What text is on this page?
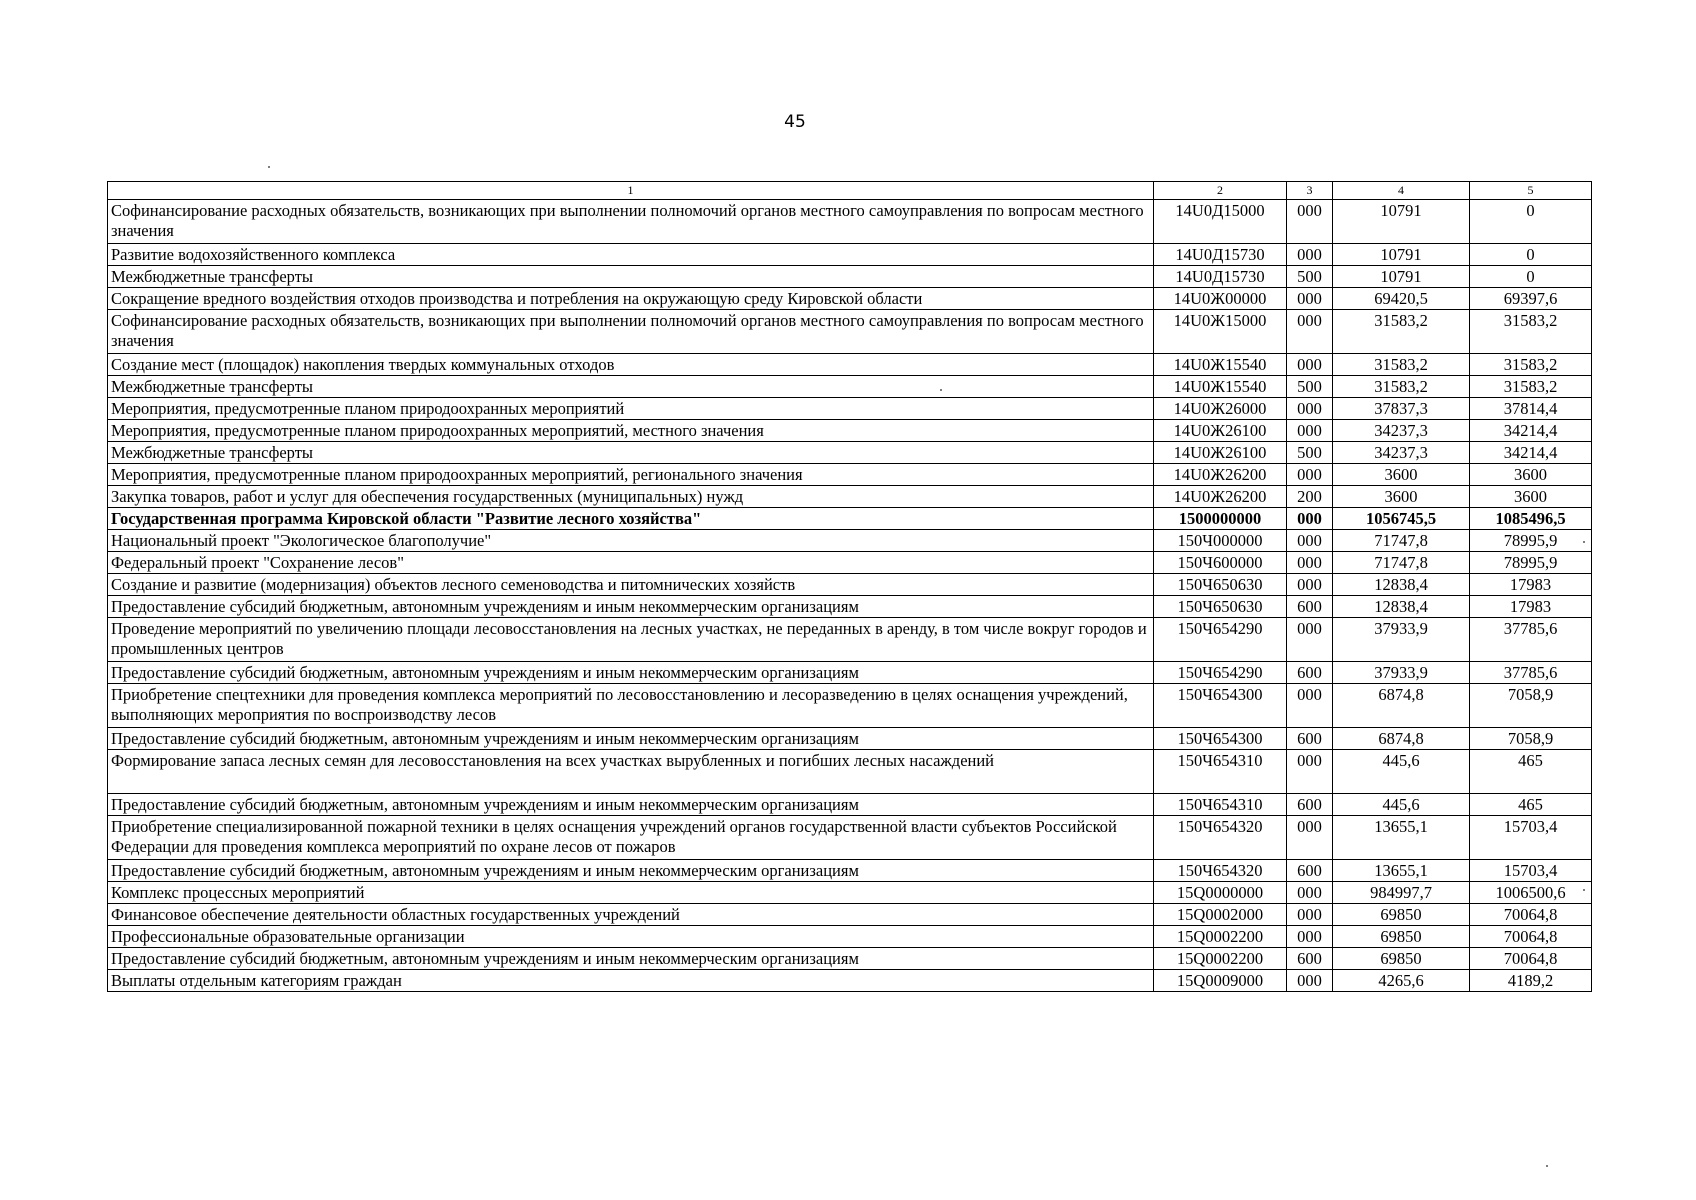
45
1	2	3	4	5
Софинансирование расходных обязательств, возникающих при выполнении полномочий органов местного самоуправления по вопросам местного значения	14U0Д15000	000	10791	0
Развитие водохозяйственного комплекса	14U0Д15730	000	10791	0
Межбюджетные трансферты	14U0Д15730	500	10791	0
Сокращение вредного воздействия отходов производства и потребления на окружающую среду Кировской области	14U0Ж00000	000	69420,5	69397,6
Софинансирование расходных обязательств, возникающих при выполнении полномочий органов местного самоуправления по вопросам местного значения	14U0Ж15000	000	31583,2	31583,2
Создание мест (площадок) накопления твердых коммунальных отходов	14U0Ж15540	000	31583,2	31583,2
Межбюджетные трансферты	14U0Ж15540	500	31583,2	31583,2
Мероприятия, предусмотренные планом природоохранных мероприятий	14U0Ж26000	000	37837,3	37814,4
Мероприятия, предусмотренные планом природоохранных мероприятий, местного значения	14U0Ж26100	000	34237,3	34214,4
Межбюджетные трансферты	14U0Ж26100	500	34237,3	34214,4
Мероприятия, предусмотренные планом природоохранных мероприятий, регионального значения	14U0Ж26200	000	3600	3600
Закупка товаров, работ и услуг для обеспечения государственных (муниципальных) нужд	14U0Ж26200	200	3600	3600
Государственная программа Кировской области "Развитие лесного хозяйства"	1500000000	000	1056745,5	1085496,5
Национальный проект "Экологическое благополучие"	150Ч000000	000	71747,8	78995,9
Федеральный проект "Сохранение лесов"	150Ч600000	000	71747,8	78995,9
Создание и развитие (модернизация) объектов лесного семеноводства и питомнических хозяйств	150Ч650630	000	12838,4	17983
Предоставление субсидий бюджетным, автономным учреждениям и иным некоммерческим организациям	150Ч650630	600	12838,4	17983
Проведение мероприятий по увеличению площади лесовосстановления на лесных участках, не переданных в аренду, в том числе вокруг городов и промышленных центров	150Ч654290	000	37933,9	37785,6
Предоставление субсидий бюджетным, автономным учреждениям и иным некоммерческим организациям	150Ч654290	600	37933,9	37785,6
Приобретение спецтехники для проведения комплекса мероприятий по лесовосстановлению и лесоразведению в целях оснащения учреждений, выполняющих мероприятия по воспроизводству лесов	150Ч654300	000	6874,8	7058,9
Предоставление субсидий бюджетным, автономным учреждениям и иным некоммерческим организациям	150Ч654300	600	6874,8	7058,9
Формирование запаса лесных семян для лесовосстановления на всех участках вырубленных и погибших лесных насаждений	150Ч654310	000	445,6	465
Предоставление субсидий бюджетным, автономным учреждениям и иным некоммерческим организациям	150Ч654310	600	445,6	465
Приобретение специализированной пожарной техники в целях оснащения учреждений органов государственной власти субъектов Российской Федерации для проведения комплекса мероприятий по охране лесов от пожаров	150Ч654320	000	13655,1	15703,4
Предоставление субсидий бюджетным, автономным учреждениям и иным некоммерческим организациям	150Ч654320	600	13655,1	15703,4
Комплекс процессных мероприятий	15Q0000000	000	984997,7	1006500,6
Финансовое обеспечение деятельности областных государственных учреждений	15Q0002000	000	69850	70064,8
Профессиональные образовательные организации	15Q0002200	000	69850	70064,8
Предоставление субсидий бюджетным, автономным учреждениям и иным некоммерческим организациям	15Q0002200	600	69850	70064,8
Выплаты отдельным категориям граждан	15Q0009000	000	4265,6	4189,2
